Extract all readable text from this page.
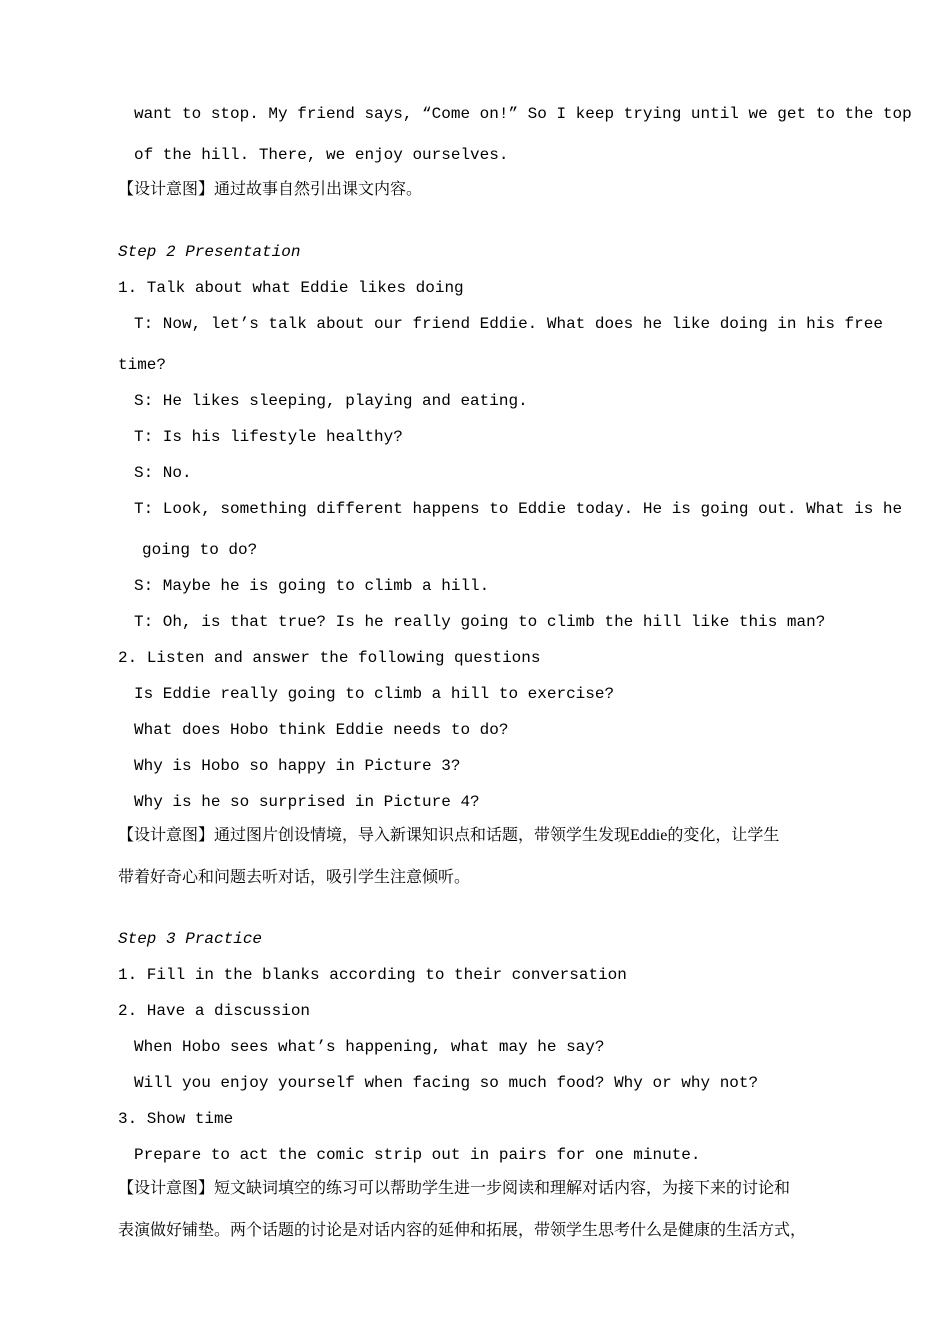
want to stop. My friend says, “Come on!” So I keep trying until we get to the top
of the hill. There, we enjoy ourselves.
【设计意图】通过故事自然引出课文内容。
Step 2 Presentation
1. Talk about what Eddie likes doing
T: Now, let’s talk about our friend Eddie. What does he like doing in his free
time?
S: He likes sleeping, playing and eating.
T: Is his lifestyle healthy?
S: No.
T: Look, something different happens to Eddie today. He is going out. What is he
going to do?
S: Maybe he is going to climb a hill.
T: Oh, is that true? Is he really going to climb the hill like this man?
2. Listen and answer the following questions
Is Eddie really going to climb a hill to exercise?
What does Hobo think Eddie needs to do?
Why is Hobo so happy in Picture 3?
Why is he so surprised in Picture 4?
【设计意图】通过图片创设情境，导入新课知识点和话题，带领学生发现Eddie的变化，让学生
带着好奇心和问题去听对话，吸引学生注意倾听。
Step 3 Practice
1. Fill in the blanks according to their conversation
2. Have a discussion
When Hobo sees what’s happening, what may he say?
Will you enjoy yourself when facing so much food? Why or why not?
3. Show time
Prepare to act the comic strip out in pairs for one minute.
【设计意图】短文缺词填空的练习可以帮助学生进一步阅读和理解对话内容，为接下来的讨论和
表演做好铺垫。两个话题的讨论是对话内容的延伸和拓展，带领学生思考什么是健康的生活方式，
